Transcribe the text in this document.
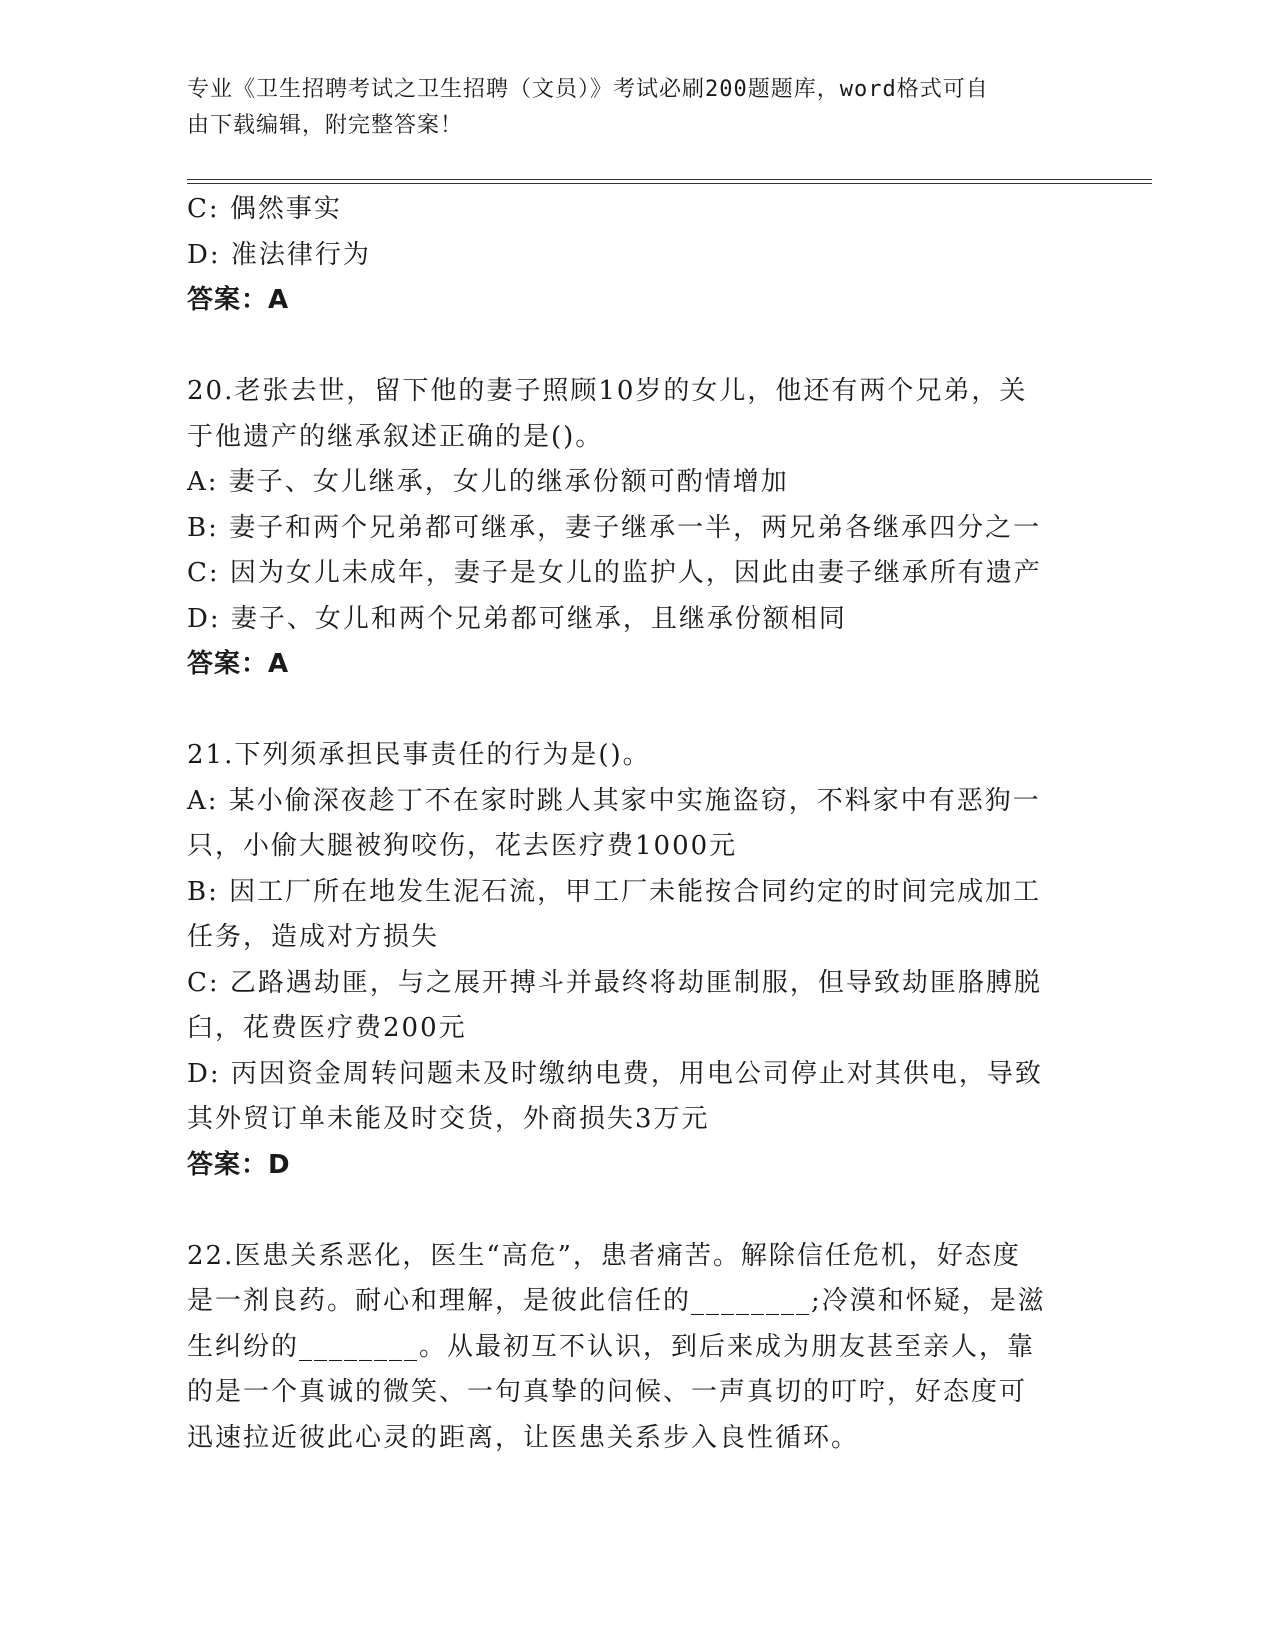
专业《卫生招聘考试之卫生招聘（文员）》考试必刷200题题库，word格式可自
由下载编辑，附完整答案！
C: 偶然事实
D: 准法律行为
答案：A
20.老张去世，留下他的妻子照顾10岁的女儿，他还有两个兄弟，关
于他遗产的继承叙述正确的是()。
A: 妻子、女儿继承，女儿的继承份额可酌情增加
B: 妻子和两个兄弟都可继承，妻子继承一半，两兄弟各继承四分之一
C: 因为女儿未成年，妻子是女儿的监护人，因此由妻子继承所有遗产
D: 妻子、女儿和两个兄弟都可继承，且继承份额相同
答案：A
21.下列须承担民事责任的行为是()。
A: 某小偷深夜趁丁不在家时跳人其家中实施盗窃，不料家中有恶狗一
只，小偷大腿被狗咬伤，花去医疗费1000元
B: 因工厂所在地发生泥石流，甲工厂未能按合同约定的时间完成加工
任务，造成对方损失
C: 乙路遇劫匪，与之展开搏斗并最终将劫匪制服，但导致劫匪胳膊脱
臼，花费医疗费200元
D: 丙因资金周转问题未及时缴纳电费，用电公司停止对其供电，导致
其外贸订单未能及时交货，外商损失3万元
答案：D
22.医患关系恶化，医生“高危”，患者痛苦。解除信任危机，好态度
是一剂良药。耐心和理解，是彼此信任的________;冷漠和怀疑，是滋
生纠纷的________。从最初互不认识，到后来成为朋友甚至亲人，靠
的是一个真诚的微笑、一句真挚的问候、一声真切的叮咛，好态度可
迅速拉近彼此心灵的距离，让医患关系步入良性循环。
